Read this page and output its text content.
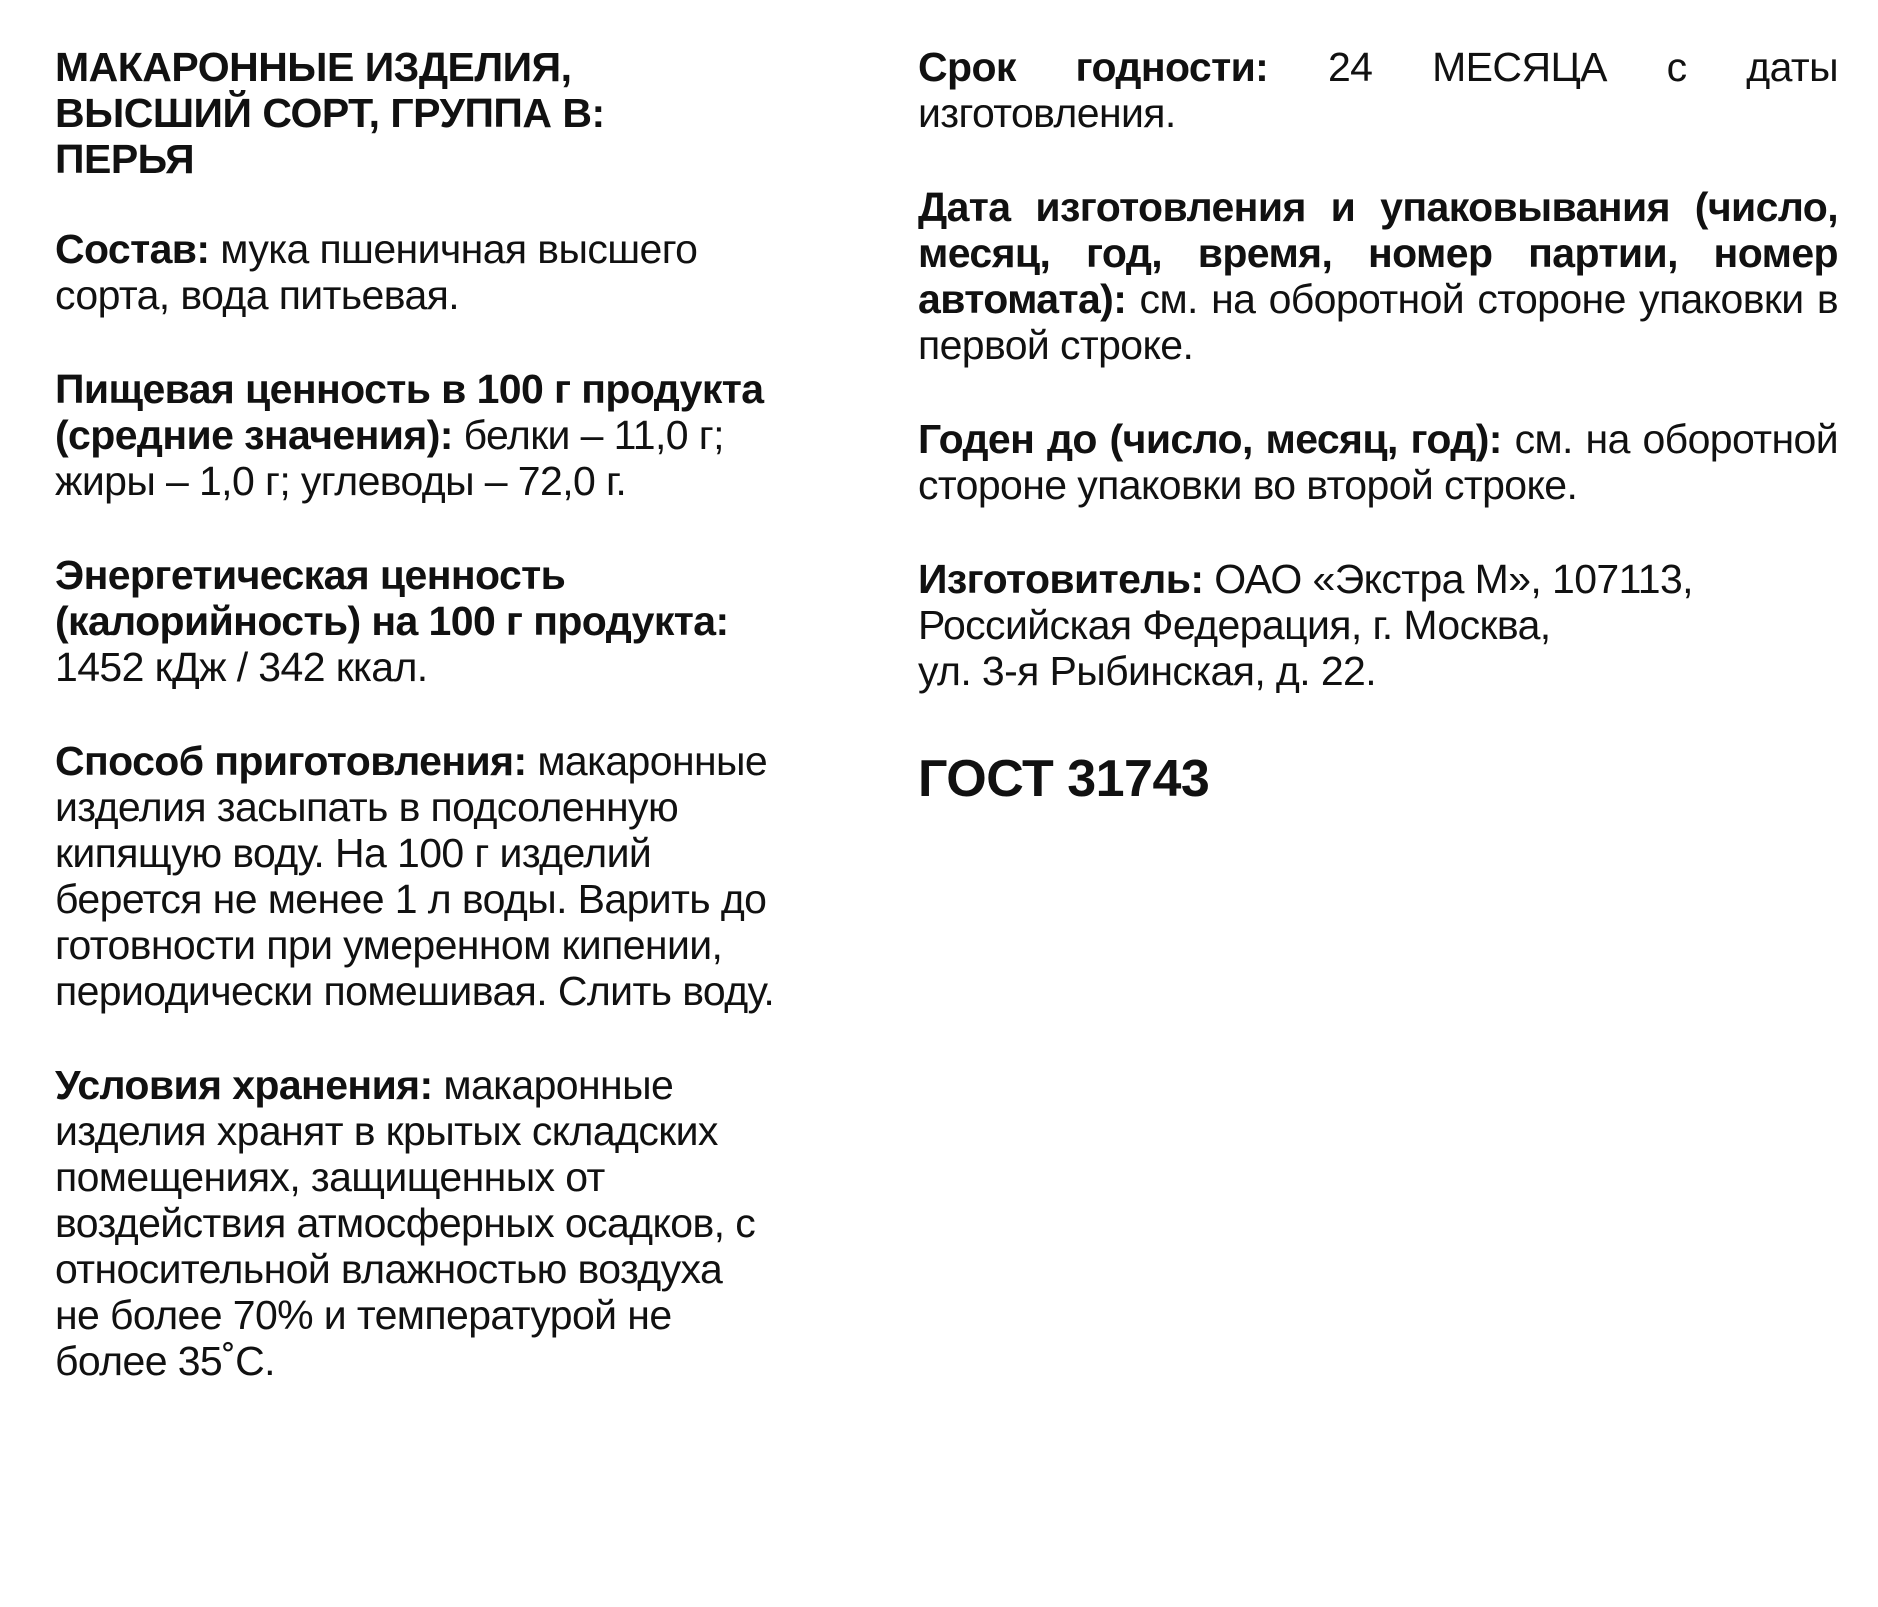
МАКАРОННЫЕ ИЗДЕЛИЯ,
ВЫСШИЙ СОРТ, ГРУППА В:
ПЕРЬЯ

Состав: мука пшеничная высшего сорта, вода питьевая.

Пищевая ценность в 100 г продукта (средние значения): белки – 11,0 г; жиры – 1,0 г; углеводы – 72,0 г.

Энергетическая ценность (калорийность) на 100 г продукта: 1452 кДж / 342 ккал.

Способ приготовления: макаронные изделия засыпать в подсоленную кипящую воду. На 100 г изделий берется не менее 1 л воды. Варить до готовности при умеренном кипении, периодически помешивая. Слить воду.

Условия хранения: макаронные изделия хранят в крытых складских помещениях, защищенных от воздействия атмосферных осадков, с относительной влажностью воздуха не более 70% и температурой не более 35˚С.

Срок годности: 24 МЕСЯЦА с даты изготовления.

Дата изготовления и упаковывания (число, месяц, год, время, номер партии, номер автомата): см. на оборотной стороне упаковки в первой строке.

Годен до (число, месяц, год): см. на оборотной стороне упаковки во второй строке.

Изготовитель: ОАО «Экстра М», 107113,
Российская Федерация, г. Москва,
ул. 3-я Рыбинская, д. 22.

ГОСТ 31743
